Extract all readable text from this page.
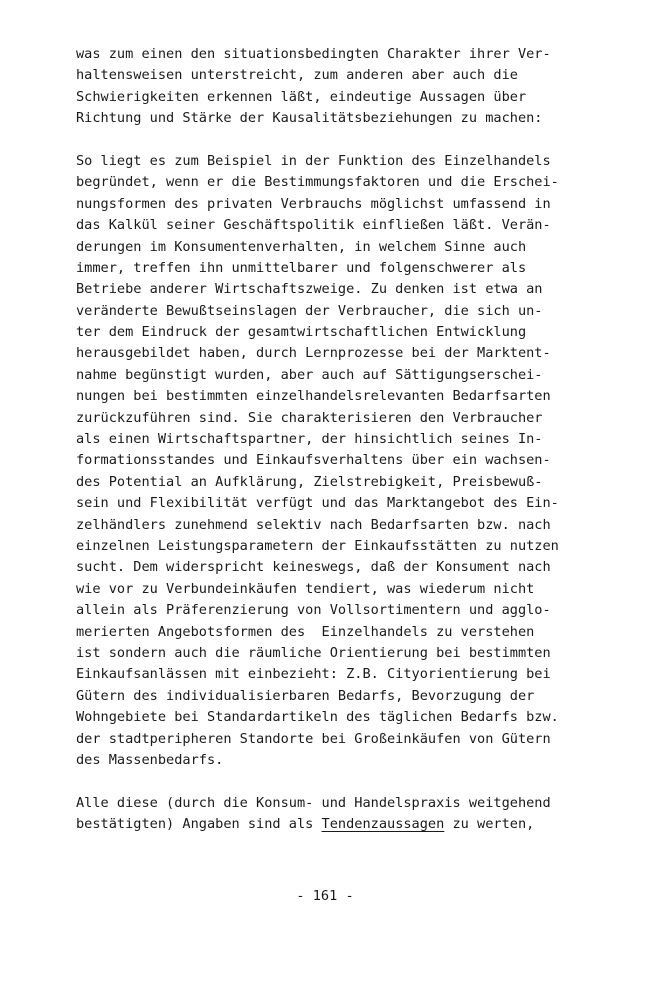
was zum einen den situationsbedingten Charakter ihrer Ver-
haltensweisen unterstreicht, zum anderen aber auch die
Schwierigkeiten erkennen läßt, eindeutige Aussagen über
Richtung und Stärke der Kausalitätsbeziehungen zu machen:
So liegt es zum Beispiel in der Funktion des Einzelhandels
begründet, wenn er die Bestimmungsfaktoren und die Erschei-
nungsformen des privaten Verbrauchs möglichst umfassend in
das Kalkül seiner Geschäftspolitik einfließen läßt. Verän-
derungen im Konsumentenverhalten, in welchem Sinne auch
immer, treffen ihn unmittelbarer und folgenschwerer als
Betriebe anderer Wirtschaftszweige. Zu denken ist etwa an
veränderte Bewußtseinslagen der Verbraucher, die sich un-
ter dem Eindruck der gesamtwirtschaftlichen Entwicklung
herausgebildet haben, durch Lernprozesse bei der Marktent-
nahme begünstigt wurden, aber auch auf Sättigungserschei-
nungen bei bestimmten einzelhandelsrelevanten Bedarfsarten
zurückzuführen sind. Sie charakterisieren den Verbraucher
als einen Wirtschaftspartner, der hinsichtlich seines In-
formationsstandes und Einkaufsverhaltens über ein wachsen-
des Potential an Aufklärung, Zielstrebigkeit, Preisbewuß-
sein und Flexibilität verfügt und das Marktangebot des Ein-
zelhändlers zunehmend selektiv nach Bedarfsarten bzw. nach
einzelnen Leistungsparametern der Einkaufsstätten zu nutzen
sucht. Dem widerspricht keineswegs, daß der Konsument nach
wie vor zu Verbundeinkäufen tendiert, was wiederum nicht
allein als Präferenzierung von Vollsortimentern und agglo-
merierten Angebotsformen des  Einzelhandels zu verstehen
ist sondern auch die räumliche Orientierung bei bestimmten
Einkaufsanlässen mit einbezieht: Z.B. Cityorientierung bei
Gütern des individualisierbaren Bedarfs, Bevorzugung der
Wohngebiete bei Standardartikeln des täglichen Bedarfs bzw.
der stadtperipheren Standorte bei Großeinkäufen von Gütern
des Massenbedarfs.
Alle diese (durch die Konsum- und Handelspraxis weitgehend
bestätigten) Angaben sind als Tendenzaussagen zu werten,
- 161 -
